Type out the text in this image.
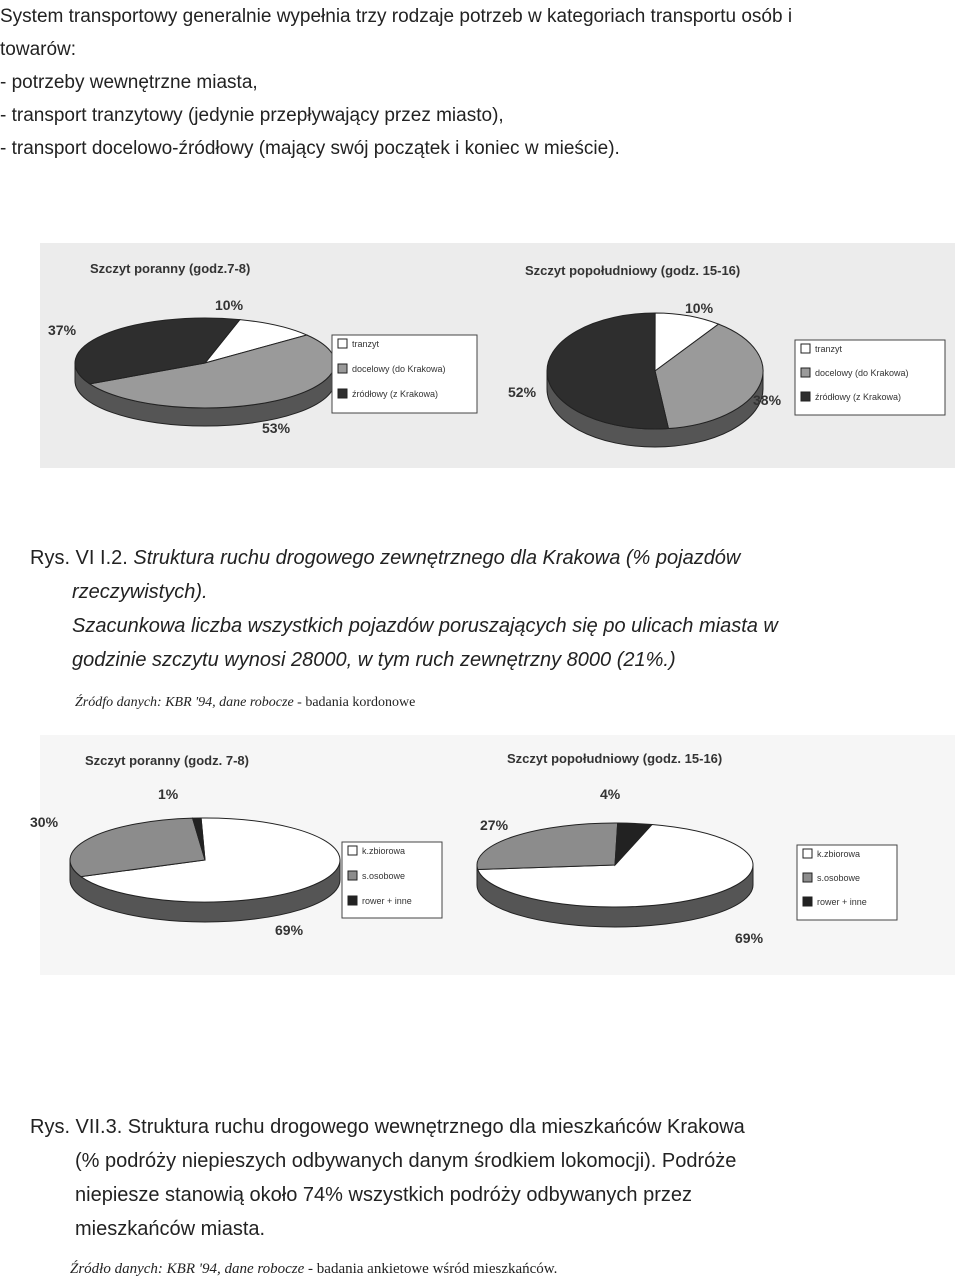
System transportowy generalnie wypełnia trzy rodzaje potrzeb w kategoriach transportu osób i

towarów:

- potrzeby wewnętrzne miasta,

- transport tranzytowy (jedynie przepływający przez miasto),

- transport docelowo-źródłowy (mający swój początek i koniec w mieście).

Szczyt poranny (godz.7-8)
10%
53%
37%
tranzyt
docelowy (do Krakowa)
źródłowy (z Krakowa)
Szczyt popołudniowy (godz. 15-16)
10%
38%
52%
tranzyt
docelowy (do Krakowa)
źródłowy (z Krakowa)
Rys. VI I.2. Struktura ruchu drogowego zewnętrznego dla Krakowa (% pojazdów
rzeczywistych).
Szacunkowa liczba wszystkich pojazdów poruszających się po ulicach miasta w
godzinie szczytu wynosi 28000, w tym ruch zewnętrzny 8000 (21%.)
Źródfo danych: KBR '94, dane robocze - badania kordonowe
Szczyt poranny (godz. 7-8)
69%
30%
1%
k.zbiorowa
s.osobowe
rower + inne
Szczyt popołudniowy (godz. 15-16)
69%
27%
4%
k.zbiorowa
s.osobowe
rower + inne
Rys. VII.3. Struktura ruchu drogowego wewnętrznego dla mieszkańców Krakowa
(% podróży niepieszych odbywanych danym środkiem lokomocji). Podróże
niepiesze stanowią około 74% wszystkich podróży odbywanych przez
mieszkańców miasta.
Źródło danych: KBR '94, dane robocze - badania ankietowe wśród mieszkańców.
